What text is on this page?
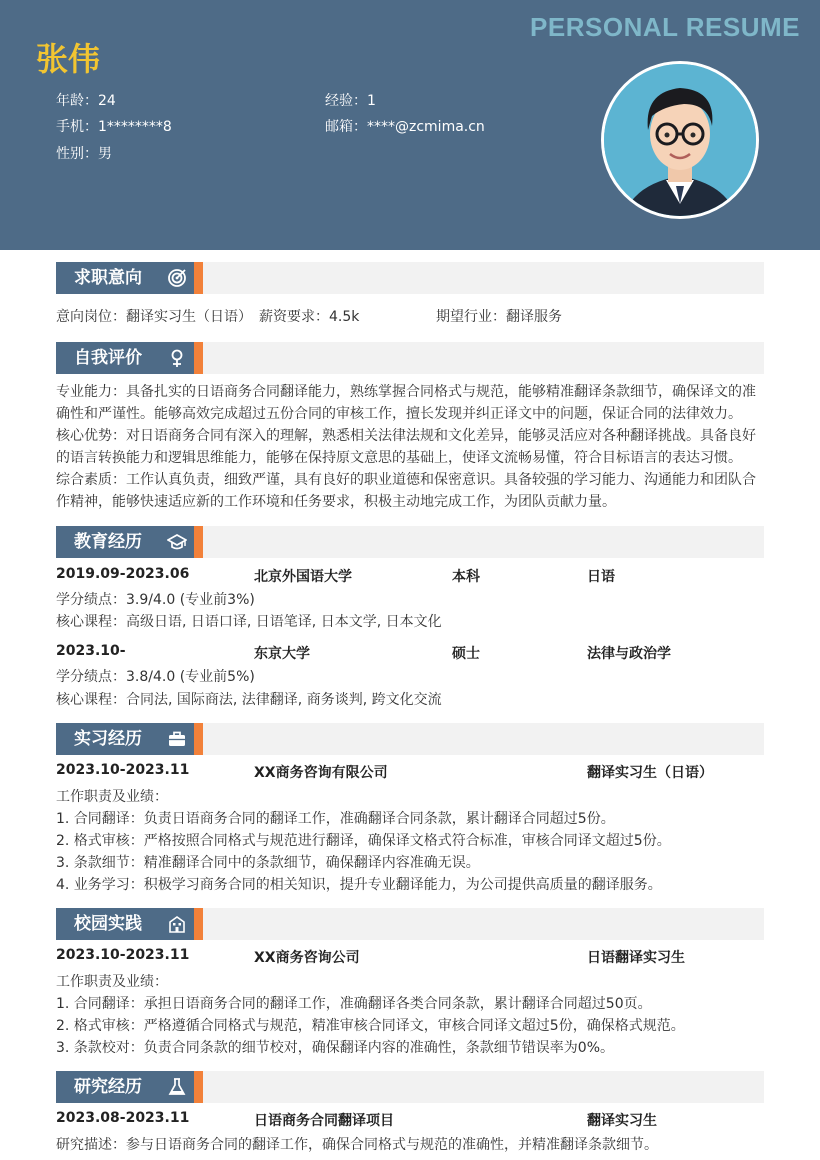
PERSONAL RESUME
张伟
年龄：24	经验：1
手机：1********8	邮箱：****@zcmima.cn
性别：男
求职意向
意向岗位：翻译实习生（日语） 薪资要求：4.5k	期望行业：翻译服务
自我评价
专业能力：具备扎实的日语商务合同翻译能力，熟练掌握合同格式与规范，能够精准翻译条款细节，确保译文的准确性和严谨性。能够高效完成超过五份合同的审核工作，擅长发现并纠正译文中的问题，保证合同的法律效力。
核心优势：对日语商务合同有深入的理解，熟悉相关法律法规和文化差异，能够灵活应对各种翻译挑战。具备良好的语言转换能力和逻辑思维能力，能够在保持原文意思的基础上，使译文流畅易懂，符合目标语言的表达习惯。
综合素质：工作认真负责，细致严谨，具有良好的职业道德和保密意识。具备较强的学习能力、沟通能力和团队合作精神，能够快速适应新的工作环境和任务要求，积极主动地完成工作，为团队贡献力量。
教育经历
2019.09-2023.06	北京外国语大学	本科	日语
学分绩点：3.9/4.0 (专业前3%)
核心课程：高级日语, 日语口译, 日语笔译, 日本文学, 日本文化
2023.10-	东京大学	硕士	法律与政治学
学分绩点：3.8/4.0 (专业前5%)
核心课程：合同法, 国际商法, 法律翻译, 商务谈判, 跨文化交流
实习经历
2023.10-2023.11	XX商务咨询有限公司	翻译实习生（日语）
工作职责及业绩：
1. 合同翻译：负责日语商务合同的翻译工作，准确翻译合同条款，累计翻译合同超过5份。
2. 格式审核：严格按照合同格式与规范进行翻译，确保译文格式符合标准，审核合同译文超过5份。
3. 条款细节：精准翻译合同中的条款细节，确保翻译内容准确无误。
4. 业务学习：积极学习商务合同的相关知识，提升专业翻译能力，为公司提供高质量的翻译服务。
校园实践
2023.10-2023.11	XX商务咨询公司	日语翻译实习生
工作职责及业绩：
1. 合同翻译：承担日语商务合同的翻译工作，准确翻译各类合同条款，累计翻译合同超过50页。
2. 格式审核：严格遵循合同格式与规范，精准审核合同译文，审核合同译文超过5份，确保格式规范。
3. 条款校对：负责合同条款的细节校对，确保翻译内容的准确性，条款细节错误率为0%。
研究经历
2023.08-2023.11	日语商务合同翻译项目	翻译实习生
研究描述：参与日语商务合同的翻译工作，确保合同格式与规范的准确性，并精准翻译条款细节。
